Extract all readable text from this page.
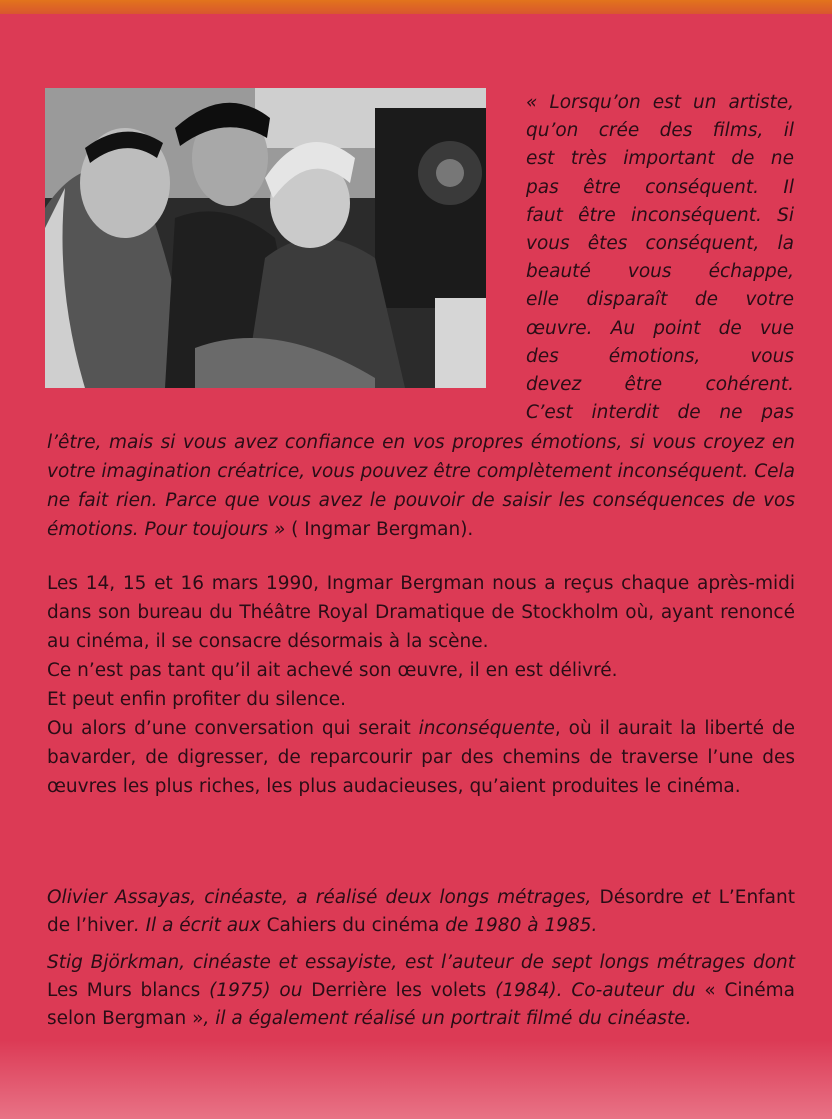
« Lorsqu’on est un artiste,
qu’on crée des films, il
est très important de ne
pas être conséquent. Il
faut être inconséquent. Si
vous êtes conséquent, la
beauté vous échappe,
elle disparaît de votre
œuvre. Au point de vue
des émotions, vous
devez être cohérent.
C’est interdit de ne pas
l’être, mais si vous avez confiance en vos propres émotions, si vous croyez en votre imagination créatrice, vous pouvez être complètement inconséquent. Cela ne fait rien. Parce que vous avez le pouvoir de saisir les conséquences de vos émotions. Pour toujours » ( Ingmar Bergman).

Les 14, 15 et 16 mars 1990, Ingmar Bergman nous a reçus chaque après-midi dans son bureau du Théâtre Royal Dramatique de Stockholm où, ayant renoncé au cinéma, il se consacre désormais à la scène.

Ce n’est pas tant qu’il ait achevé son œuvre, il en est délivré.

Et peut enfin profiter du silence.

Ou alors d’une conversation qui serait inconséquente, où il aurait la liberté de bavarder, de digresser, de reparcourir par des chemins de traverse l’une des œuvres les plus riches, les plus audacieuses, qu’aient produites le cinéma.

Olivier Assayas, cinéaste, a réalisé deux longs métrages, Désordre et L’Enfant de l’hiver. Il a écrit aux Cahiers du cinéma de 1980 à 1985.

Stig Björkman, cinéaste et essayiste, est l’auteur de sept longs métrages dont Les Murs blancs (1975) ou Derrière les volets (1984). Co-auteur du « Cinéma selon Bergman », il a également réalisé un portrait filmé du cinéaste.
